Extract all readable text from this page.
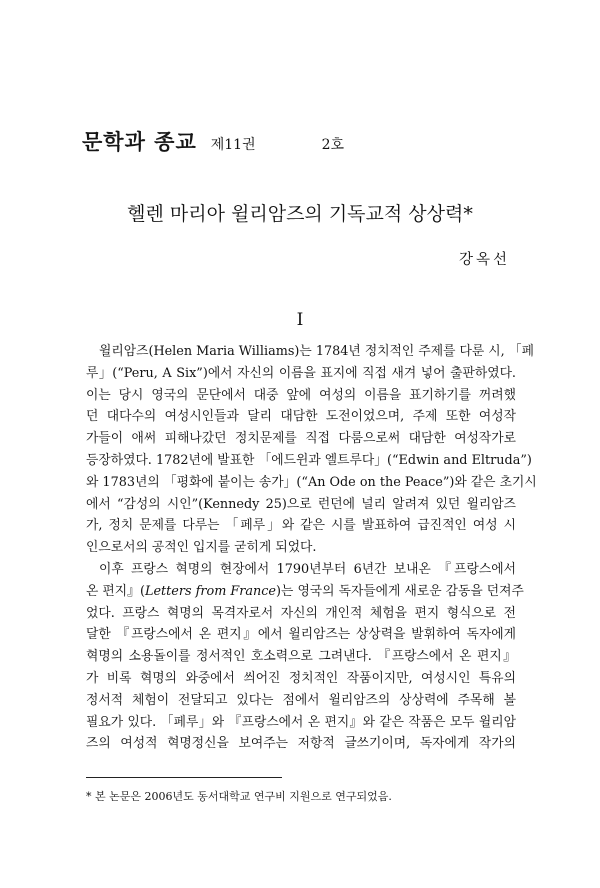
문학과 종교 제11권	2호
헬렌 마리아 윌리암즈의 기독교적 상상력*
강옥선
I
윌리암즈(Helen Maria Williams)는 1784년 정치적인 주제를 다룬 시, 「페
루」(“Peru, A Six”)에서 자신의 이름을 표지에 직접 새겨 넣어 출판하였다.
이는 당시 영국의 문단에서 대중 앞에 여성의 이름을 표기하기를 꺼려했
던 대다수의 여성시인들과 달리 대담한 도전이었으며, 주제 또한 여성작
가들이 애써 피해나갔던 정치문제를 직접 다룸으로써 대담한 여성작가로
등장하였다. 1782년에 발표한 「에드윈과 엘트루다」(“Edwin and Eltruda”)
와 1783년의 「평화에 붙이는 송가」(“An Ode on the Peace”)와 같은 초기시
에서 “감성의 시인”(Kennedy 25)으로 런던에 널리 알려져 있던 윌리암즈
가, 정치 문제를 다루는 「페루」와 같은 시를 발표하여 급진적인 여성 시
인으로서의 공적인 입지를 굳히게 되었다.
이후 프랑스 혁명의 현장에서 1790년부터 6년간 보내온 『프랑스에서
온 편지』(Letters from France)는 영국의 독자들에게 새로운 감동을 던져주
었다. 프랑스 혁명의 목격자로서 자신의 개인적 체험을 편지 형식으로 전
달한 『프랑스에서 온 편지』에서 윌리암즈는 상상력을 발휘하여 독자에게
혁명의 소용돌이를 정서적인 호소력으로 그려낸다. 『프랑스에서 온 편지』
가 비록 혁명의 와중에서 씌어진 정치적인 작품이지만, 여성시인 특유의
정서적 체험이 전달되고 있다는 점에서 윌리암즈의 상상력에 주목해 볼
필요가 있다. 「페루」와 『프랑스에서 온 편지』와 같은 작품은 모두 윌리암
즈의 여성적 혁명정신을 보여주는 저항적 글쓰기이며, 독자에게 작가의
* 본 논문은 2006년도 동서대학교 연구비 지원으로 연구되었음.
